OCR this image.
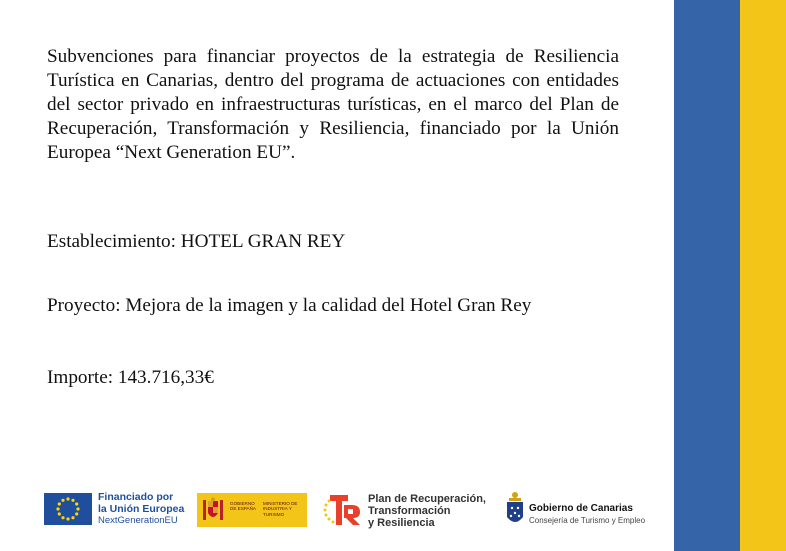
Subvenciones para financiar proyectos de la estrategia de Resiliencia Turística en Canarias, dentro del programa de actuaciones con entidades del sector privado en infraestructuras turísticas, en el marco del Plan de Recuperación, Transformación y Resiliencia, financiado por la Unión Europea “Next Generation EU”.

Establecimiento: HOTEL GRAN REY

Proyecto: Mejora de la imagen y la calidad del Hotel Gran Rey

Importe: 143.716,33€

Financiado por
la Unión Europea
NextGenerationEU
GOBIERNO DE ESPAÑA
MINISTERIO DE INDUSTRIA Y TURISMO
Plan de Recuperación,
Transformación
y Resiliencia
Gobierno de Canarias
Consejería de Turismo y Empleo
